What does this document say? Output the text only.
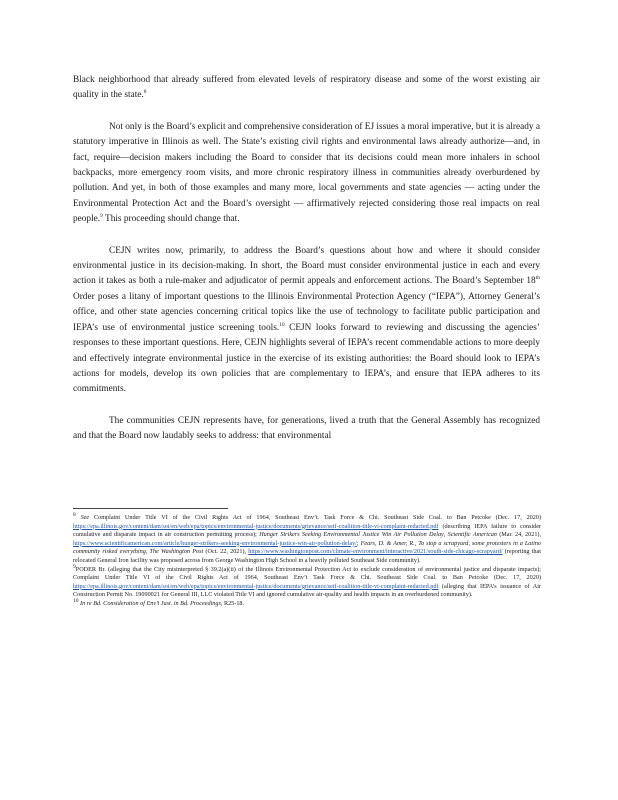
Black neighborhood that already suffered from elevated levels of respiratory disease and some of the worst existing air quality in the state.$^8$

Not only is the Board’s explicit and comprehensive consideration of EJ issues a moral imperative, but it is already a statutory imperative in Illinois as well. The State’s existing civil rights and environmental laws already authorize—and, in fact, require—decision makers including the Board to consider that its decisions could mean more inhalers in school backpacks, more emergency room visits, and more chronic respiratory illness in communities already overburdened by pollution. And yet, in both of those examples and many more, local governments and state agencies — acting under the Environmental Protection Act and the Board’s oversight — affirmatively rejected considering those real impacts on real people.$^9$ This proceeding should change that.

CEJN writes now, primarily, to address the Board’s questions about how and where it should consider environmental justice in its decision-making. In short, the Board must consider environmental justice in each and every action it takes as both a rule-maker and adjudicator of permit appeals and enforcement actions. The Board’s September 18th Order poses a litany of important questions to the Illinois Environmental Protection Agency (“IEPA”), Attorney General’s office, and other state agencies concerning critical topics like the use of technology to facilitate public participation and IEPA’s use of environmental justice screening tools.$^{10}$ CEJN looks forward to reviewing and discussing the agencies’ responses to these important questions. Here, CEJN highlights several of IEPA’s recent commendable actions to more deeply and effectively integrate environmental justice in the exercise of its existing authorities: the Board should look to IEPA’s actions for models, develop its own policies that are complementary to IEPA’s, and ensure that IEPA adheres to its commitments.

The communities CEJN represents have, for generations, lived a truth that the General Assembly has recognized and that the Board now laudably seeks to address: that environmental

$^8$ See Complaint Under Title VI of the Civil Rights Act of 1964, Southeast Env’t. Task Force & Chi. Southeast Side Coal. to Ban Petcoke (Dec. 17, 2020) https://epa.illinois.gov/content/dam/soi/en/web/epa/topics/environmental-justice/documents/grievance/setf-coalition-title-vi-complaint-redacted.pdf (describing IEPA failure to consider cumulative and disparate impact in air construction permitting process); Hunger Strikers Seeking Environmental Justice Win Air Pollution Delay, Scientific American (Mar. 24, 2021), https://www.scientificamerican.com/article/hunger-strikers-seeking-environmental-justice-win-air-pollution-delay/; Fears, D. & Amer, R., To stop a scrapyard, some protesters in a Latino community risked everything, The Washington Post (Oct. 22, 2021), https://www.washingtonpost.com/climate-environment/interactive/2021/south-side-chicago-scrapyard/ (reporting that relocated General Iron facility was proposed across from George Washington High School in a heavily polluted Southeast Side community).
$^9$PODER Br. (alleging that the City misinterpreted § 39.2(a)(ii) of the Illinois Environmental Protection Act to exclude consideration of environmental justice and disparate impacts); Complaint Under Title VI of the Civil Rights Act of 1964, Southeast Env’t Task Force & Chi. Southeast Side Coal. to Ban Petcoke (Dec. 17, 2020) https://epa.illinois.gov/content/dam/soi/en/web/epa/topics/environmental-justice/documents/grievance/setf-coalition-title-vi-complaint-redacted.pdf (alleging that IEPA’s issuance of Air Construction Permit No. 19090021 for General III, LLC violated Title VI and ignored cumulative air-quality and health impacts in an overburdened community).
$^{10}$ In re Bd. Consideration of Env’t Just. in Bd. Proceedings, R25-18.
